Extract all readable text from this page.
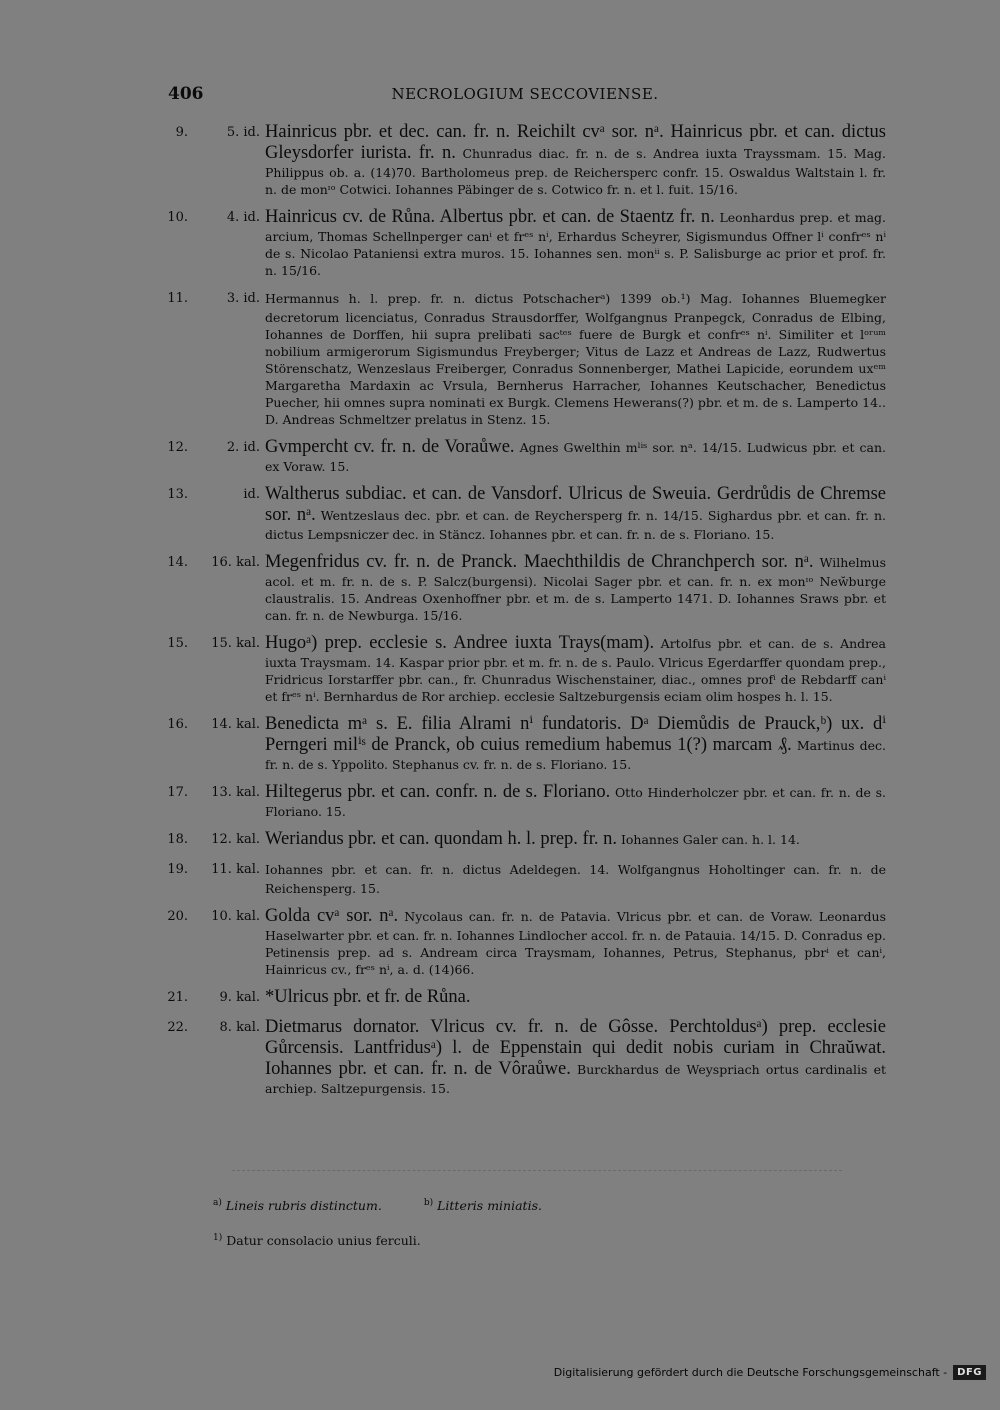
406	NECROLOGIUM SECCOVIENSE.
9.	5. id. Hainricus pbr. et dec. can. fr. n. Reichilt cvᵃ sor. nᵃ. Hainricus pbr. et can. dictus Gleysdorfer iurista. fr. n. Chunradus diac. fr. n. de s. Andrea iuxta Trayssmam. 15. Mag. Philippus ob. a. (14)70. Bartholomeus prep. de Reichersperc confr. 15. Oswaldus Waltstain l. fr. n. de monᶦᵒ Cotwici. Iohannes Päbinger de s. Cotwico fr. n. et l. fuit. 15/16.
10.	4. id. Hainricus cv. de Růna. Albertus pbr. et can. de Staentz fr. n. Leonhardus prep. et mag. arcium, Thomas Schellnperger canⁱ et frᵉˢ nⁱ, Erhardus Scheyrer, Sigismundus Offner lⁱ confrᵉˢ nⁱ de s. Nicolao Pataniensi extra muros. 15. Iohannes sen. monⁱⁱ s. P. Salisburge ac prior et prof. fr. n. 15/16.
11.	3. id. Hermannus h. l. prep. fr. n. dictus Potschacherᵃ) 1399 ob.¹) Mag. Iohannes Bluemegker decretorum licenciatus, Conradus Strausdorffer, Wolfgangnus Pranpegck, Conradus de Elbing, Iohannes de Dorffen, hii supra prelibati sacᵗᵉˢ fuere de Burgk et confrᵉˢ nⁱ. Similiter et lᵒʳᵘᵐ nobilium armigerorum Sigismundus Freyberger; Vitus de Lazz et Andreas de Lazz, Rudwertus Störenschatz, Wenzeslaus Freiberger, Conradus Sonnenberger, Mathei Lapicide, eorundem uxᵉᵐ Margaretha Mardaxin ac Vrsula, Bernherus Harracher, Iohannes Keutschacher, Benedictus Puecher, hii omnes supra nominati ex Burgk. Clemens Hewerans(?) pbr. et m. de s. Lamperto 14.. D. Andreas Schmeltzer prelatus in Stenz. 15.
12.	2. id. Gvmpercht cv. fr. n. de Voraůwe. Agnes Gwelthin mˡⁱˢ sor. nᵃ. 14/15. Ludwicus pbr. et can. ex Voraw. 15.
13.	id. Waltherus subdiac. et can. de Vansdorf. Ulricus de Sweuia. Gerdrůdis de Chremse sor. nᵃ. Wentzeslaus dec. pbr. et can. de Reychersperg fr. n. 14/15. Sighardus pbr. et can. fr. n. dictus Lempsniczer dec. in Stäncz. Iohannes pbr. et can. fr. n. de s. Floriano. 15.
14.	16. kal. Megenfridus cv. fr. n. de Pranck. Maechthildis de Chranchperch sor. nᵃ. Wilhelmus acol. et m. fr. n. de s. P. Salcz(burgensi). Nicolai Sager pbr. et can. fr. n. ex monᶦᵒ New̆burge claustralis. 15. Andreas Oxenhoffner pbr. et m. de s. Lamperto 1471. D. Iohannes Sraws pbr. et can. fr. n. de Newburga. 15/16.
15.	15. kal. Hugoᵃ) prep. ecclesie s. Andree iuxta Trays(mam). Artolfus pbr. et can. de s. Andrea iuxta Traysmam. 14. Kaspar prior pbr. et m. fr. n. de s. Paulo. Vlricus Egerdarffer quondam prep., Fridricus Iorstarffer pbr. can., fr. Chunradus Wischenstainer, diac., omnes profⁱ de Rebdarff canⁱ et frᵉˢ nⁱ. Bernhardus de Ror archiep. ecclesie Saltzeburgensis eciam olim hospes h. l. 15.
16.	14. kal. Benedicta mᵃ s. E. filia Alrami nⁱ fundatoris. Dᵃ Diemůdis de Prauck,ᵇ) ux. dⁱ Perngeri milⁱˢ de Pranck, ob cuius remedium habemus 1(?) marcam ₰. Martinus dec. fr. n. de s. Yppolito. Stephanus cv. fr. n. de s. Floriano. 15.
17.	13. kal. Hiltegerus pbr. et can. confr. n. de s. Floriano. Otto Hinderholczer pbr. et can. fr. n. de s. Floriano. 15.
18.	12. kal. Weriandus pbr. et can. quondam h. l. prep. fr. n. Iohannes Galer can. h. l. 14.
19.	11. kal. Iohannes pbr. et can. fr. n. dictus Adeldegen. 14. Wolfgangnus Hoholtinger can. fr. n. de Reichensperg. 15.
20.	10. kal. Golda cvᵃ sor. nᵃ. Nycolaus can. fr. n. de Patavia. Vlricus pbr. et can. de Voraw. Leonardus Haselwarter pbr. et can. fr. n. Iohannes Lindlocher accol. fr. n. de Patauia. 14/15. D. Conradus ep. Petinensis prep. ad s. Andream circa Traysmam, Iohannes, Petrus, Stephanus, pbrⁱ et canⁱ, Hainricus cv., frᵉˢ nⁱ, a. d. (14)66.
21.	9. kal. *Ulricus pbr. et fr. de Růna.
22.	8. kal. Dietmarus dornator. Vlricus cv. fr. n. de Gôsse. Perchtoldusᵃ) prep. ecclesie Gůrcensis. Lantfridusᵃ) l. de Eppenstain qui dedit nobis curiam in Chraŭwat. Iohannes pbr. et can. fr. n. de Vôraůwe. Burckhardus de Weyspriach ortus cardinalis et archiep. Saltzepurgensis. 15.
$^{a)}$ Lineis rubris distinctum.	$^{b)}$ Litteris miniatis.
$^{1)}$ Datur consolacio unius ferculi.
Digitalisierung gefördert durch die Deutsche Forschungsgemeinschaft -	DFG
